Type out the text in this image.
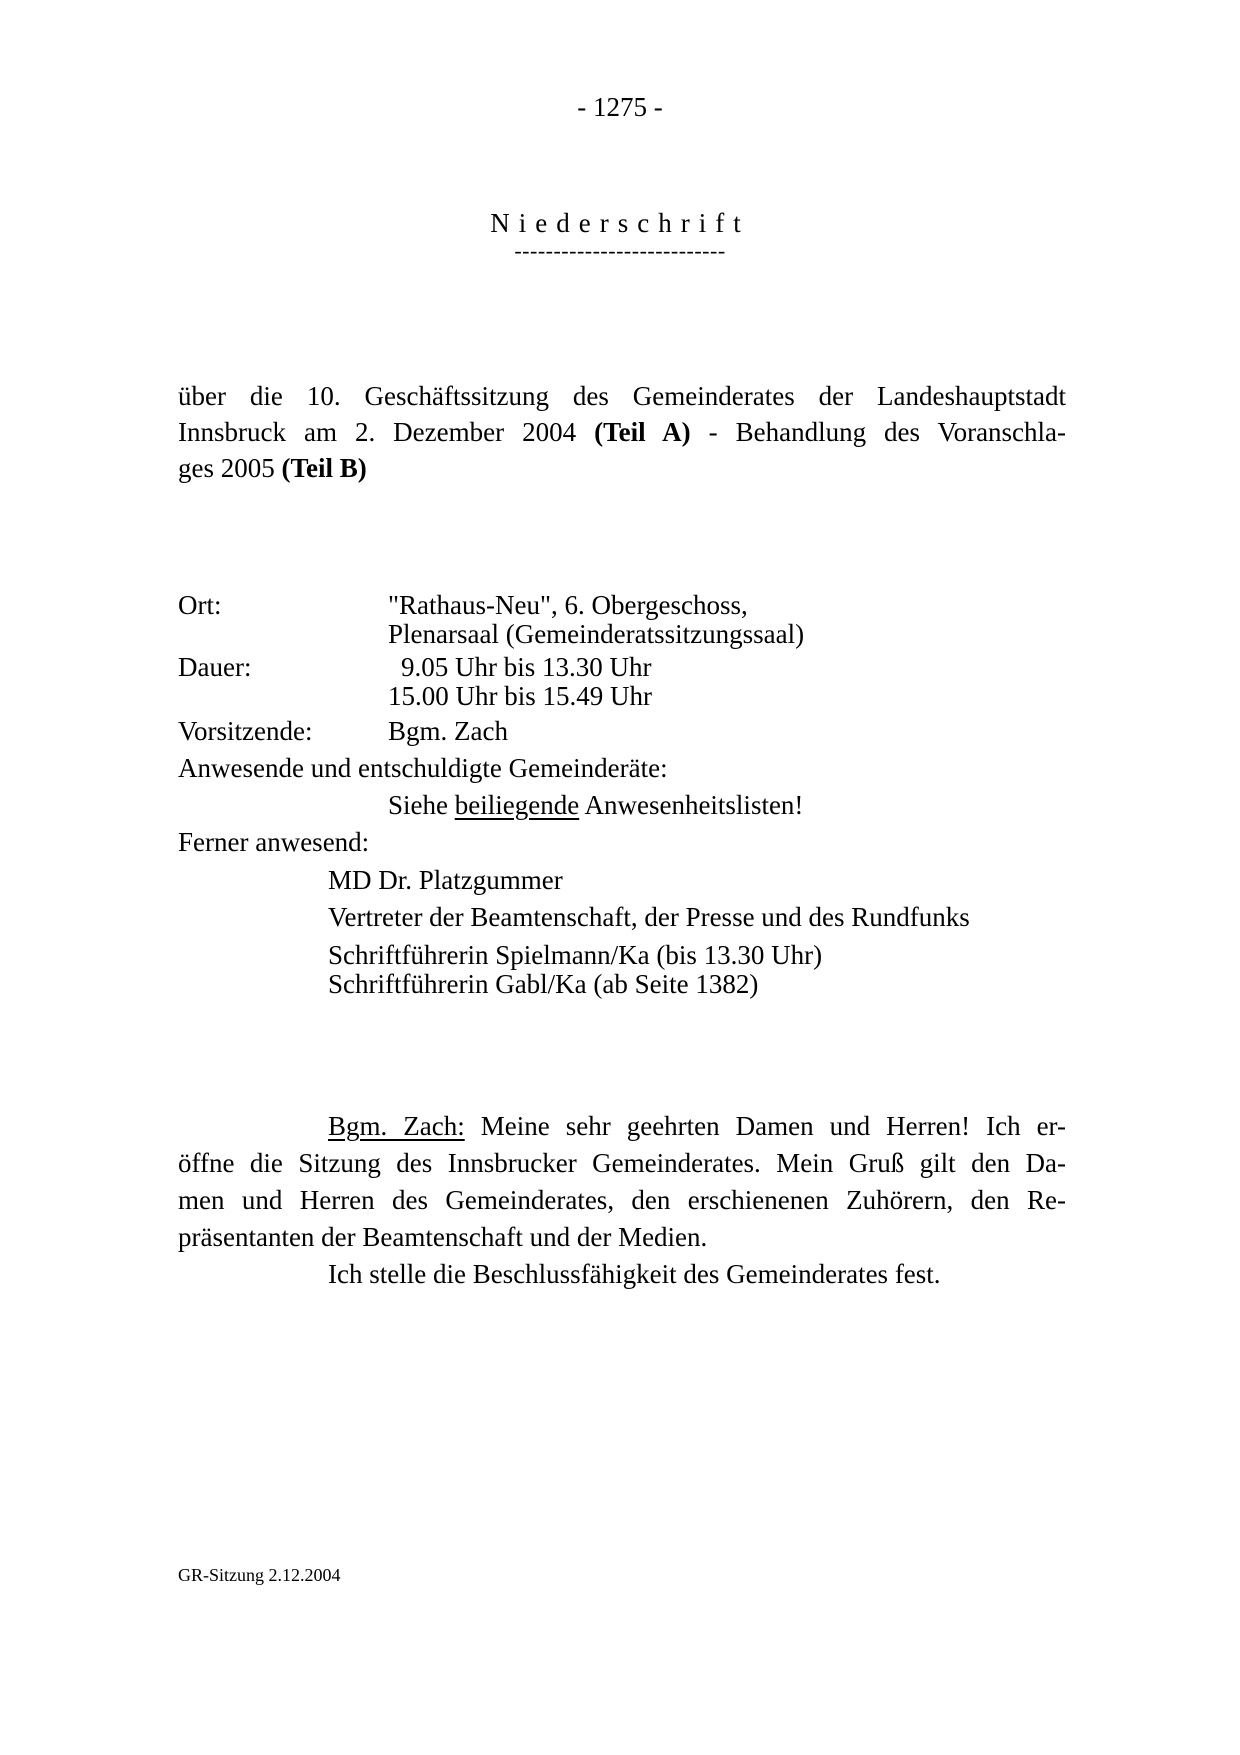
- 1275 -
Niederschrift
---------------------------
über die 10. Geschäftssitzung des Gemeinderates der Landeshauptstadt
Innsbruck am 2. Dezember 2004 (Teil A) - Behandlung des Voranschla-
ges 2005 (Teil B)
Ort:	"Rathaus-Neu", 6. Obergeschoss,
Plenarsaal (Gemeinderatssitzungssaal)
Dauer:	9.05 Uhr bis 13.30 Uhr
15.00 Uhr bis 15.49 Uhr
Vorsitzende:	Bgm. Zach
Anwesende und entschuldigte Gemeinderäte:
Siehe beiliegende Anwesenheitslisten!
Ferner anwesend:
MD Dr. Platzgummer
Vertreter der Beamtenschaft, der Presse und des Rundfunks
Schriftführerin Spielmann/Ka (bis 13.30 Uhr)
Schriftführerin Gabl/Ka (ab Seite 1382)
Bgm. Zach: Meine sehr geehrten Damen und Herren! Ich er-
öffne die Sitzung des Innsbrucker Gemeinderates. Mein Gruß gilt den Da-
men und Herren des Gemeinderates, den erschienenen Zuhörern, den Re-
präsentanten der Beamtenschaft und der Medien.
Ich stelle die Beschlussfähigkeit des Gemeinderates fest.
GR-Sitzung 2.12.2004
